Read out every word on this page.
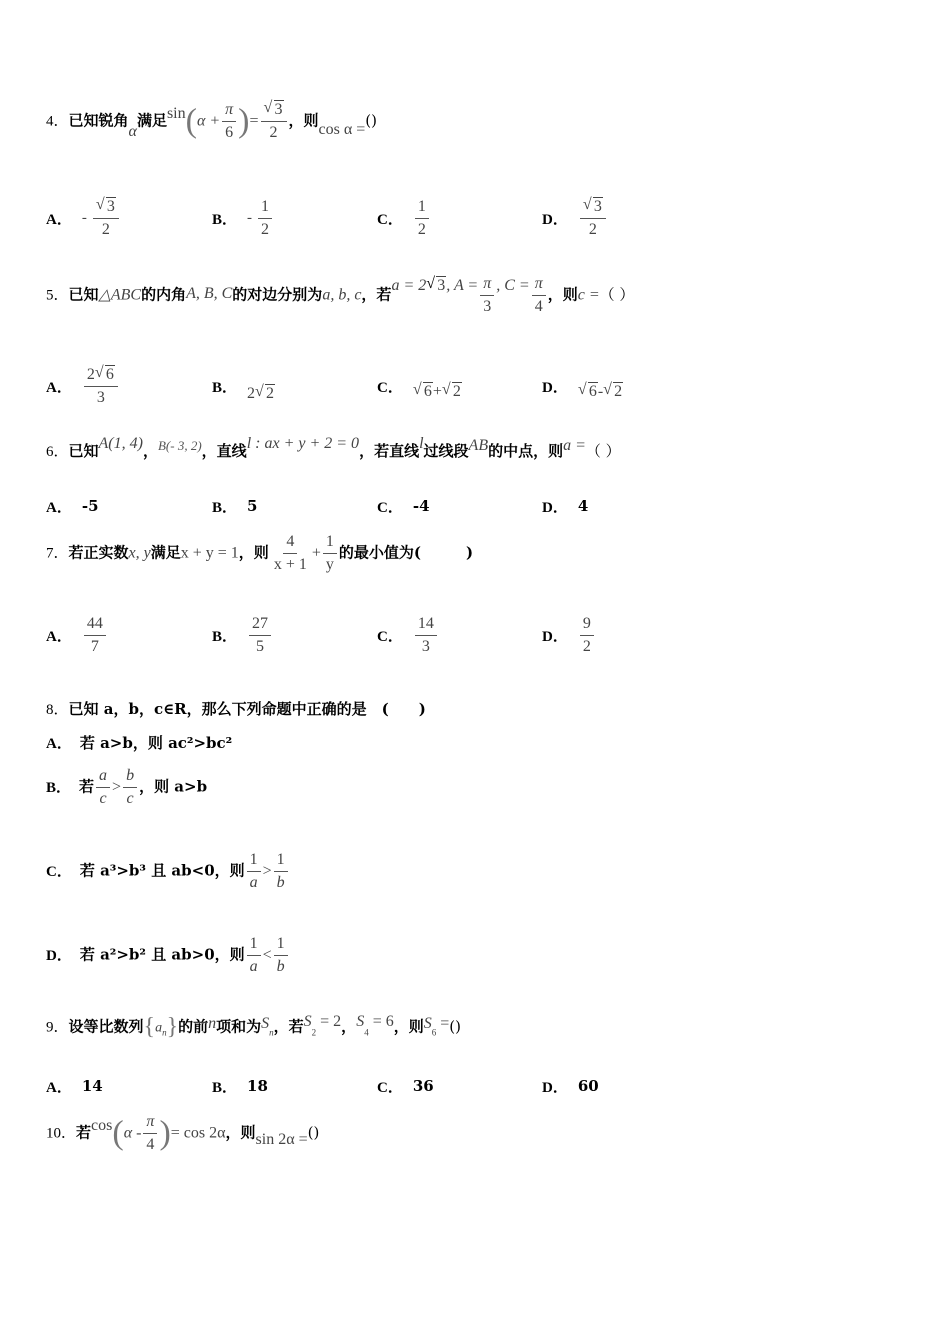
4．已知锐角α满足$\sin(\alpha + \frac{\pi}{6}$ )= $\frac{√ 3}{2}$ ，则cos α =()
A． - $\frac{√ 3}{2}$	B． - $\frac{1}{2}$	C． $\frac{1}{2}$	D． $\frac{√ 3}{2}$
5．已知△ABC的内角A, B, C的对边分别为a, b, c，若a = 2 √ 3, $A = \frac{\pi}{3}$ , $C = \frac{\pi}{4}$ ，则c =（ ）
A． $\frac{2 √ 6}{3}$	B． 2 √ 2	C． √ 6 + √ 2	D． √ 6 - √ 2
6．已知A(1, 4)，B(- 3, 2)，直线l : ax + y + 2 = 0，若直线l过线段AB的中点，则a =（ ）
A． -5	B． 5	C． -4	D． 4
7．若正实数x, y满足x + y = 1，则 $\frac{4}{x + 1} + \frac{1}{y}$ 的最小值为(　　　)
A． $\frac{44}{7}$	B． $\frac{27}{5}$	C． $\frac{14}{3}$	D． $\frac{9}{2}$
8．已知 a，b，c∈R，那么下列命题中正确的是　(　　)
A． 若 a>b，则 ac²>bc²
B． 若 $\frac{a}{c} > \frac{b}{c}$ ，则 a>b
C． 若 a³>b³ 且 ab<0，则 $\frac{1}{a} > \frac{1}{b}$
D． 若 a²>b² 且 ab>0，则 $\frac{1}{a} < \frac{1}{b}$
9．设等比数列$\{a_n\}$的前n项和为$S_n$，若$S_2 = 2$，$S_4 = 6$，则$S_6$ =()
A． 14	B． 18	C． 36	D． 60
10．若$\cos(\alpha - \frac{\pi}{4}$ )= cos 2α，则sin 2α =()
